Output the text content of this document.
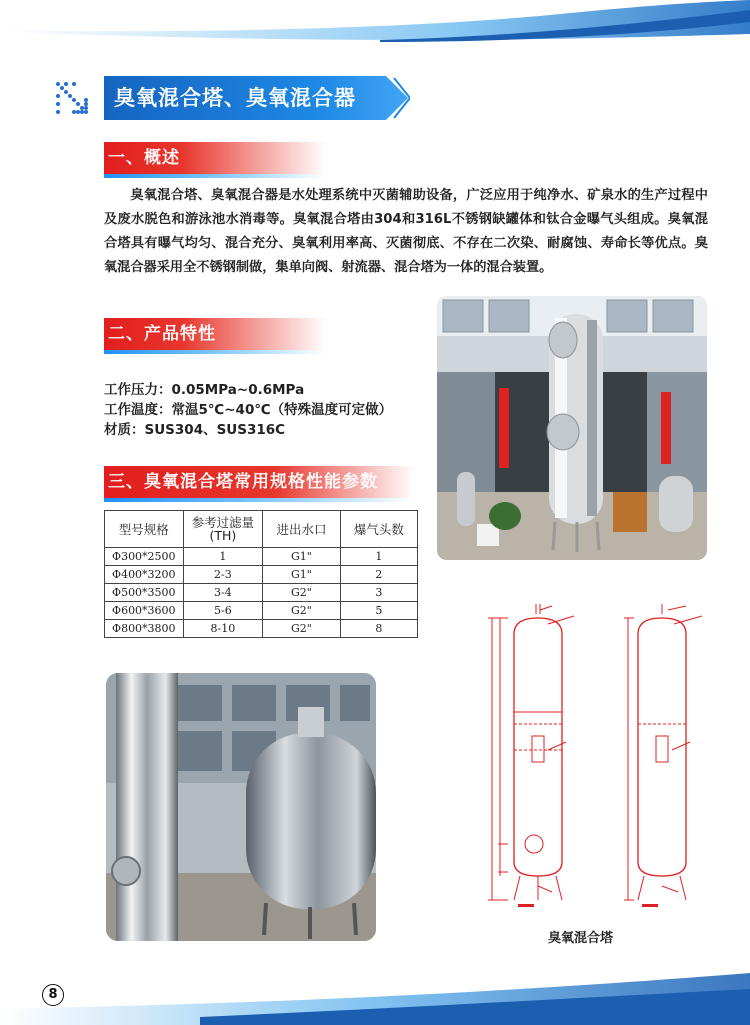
臭氧混合塔、臭氧混合器
一、概述

臭氧混合塔、臭氧混合器是水处理系统中灭菌辅助设备，广泛应用于纯净水、矿泉水的生产过程中及废水脱色和游泳池水消毒等。臭氧混合塔由304和316L不锈钢缺罐体和钛合金曝气头组成。臭氧混合塔具有曝气均匀、混合充分、臭氧利用率高、灭菌彻底、不存在二次染、耐腐蚀、寿命长等优点。臭氧混合器采用全不锈钢制做，集单向阀、射流器、混合塔为一体的混合装置。

二、产品特性
工作压力：0.05MPa~0.6MPa
工作温度：常温5℃~40℃（特殊温度可定做）
材质：SUS304、SUS316C
三、臭氧混合塔常用规格性能参数
型号规格	参考过滤量(TH)	进出水口	爆气头数
Φ300*2500	1	G1"	1
Φ400*3200	2-3	G1"	2
Φ500*3500	3-4	G2"	3
Φ600*3600	5-6	G2"	5
Φ800*3800	8-10	G2"	8
臭氧混合塔
8
